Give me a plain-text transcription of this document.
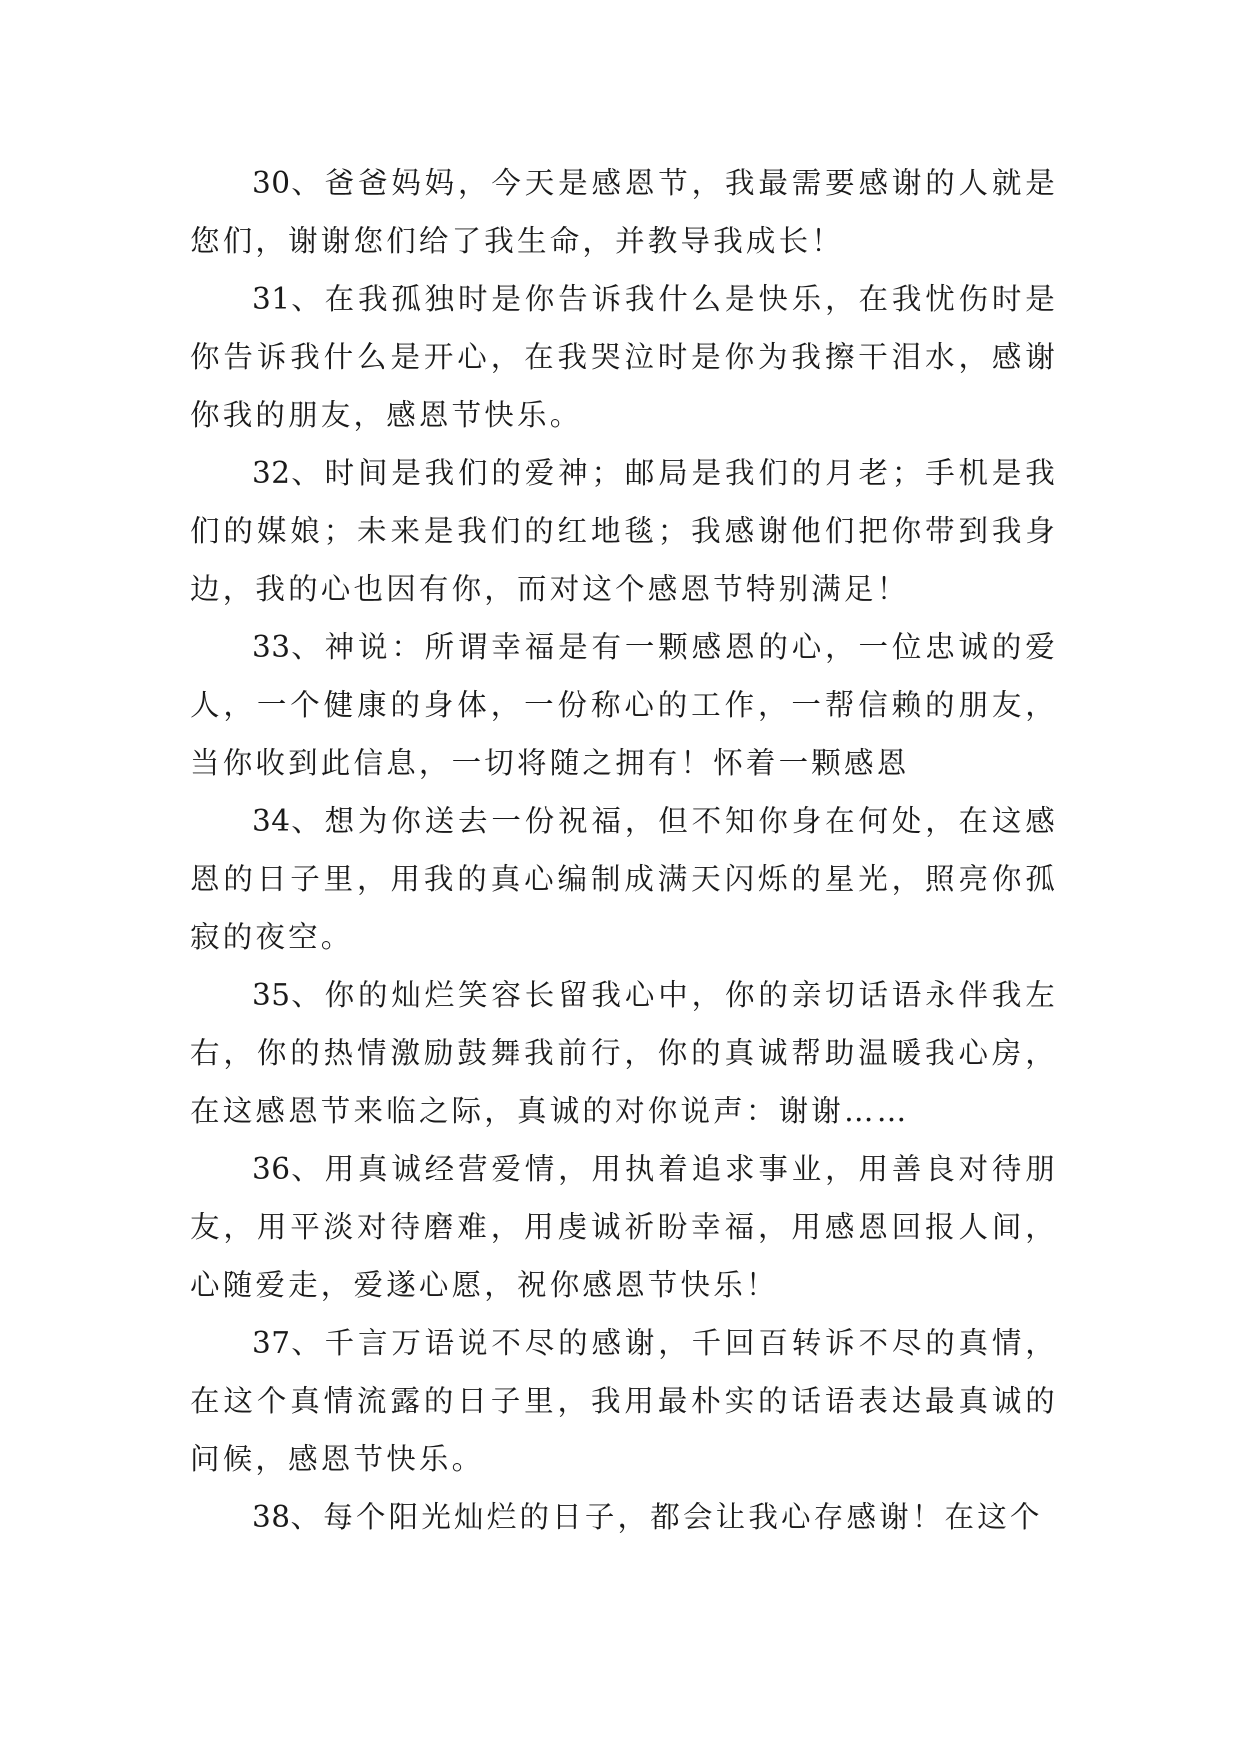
30、爸爸妈妈，今天是感恩节，我最需要感谢的人就是您们，谢谢您们给了我生命，并教导我成长！

31、在我孤独时是你告诉我什么是快乐，在我忧伤时是你告诉我什么是开心，在我哭泣时是你为我擦干泪水，感谢你我的朋友，感恩节快乐。

32、时间是我们的爱神；邮局是我们的月老；手机是我们的媒娘；未来是我们的红地毯；我感谢他们把你带到我身边，我的心也因有你，而对这个感恩节特别满足！

33、神说：所谓幸福是有一颗感恩的心，一位忠诚的爱人，一个健康的身体，一份称心的工作，一帮信赖的朋友，当你收到此信息，一切将随之拥有！怀着一颗感恩

34、想为你送去一份祝福，但不知你身在何处，在这感恩的日子里，用我的真心编制成满天闪烁的星光，照亮你孤寂的夜空。

35、你的灿烂笑容长留我心中，你的亲切话语永伴我左右，你的热情激励鼓舞我前行，你的真诚帮助温暖我心房，在这感恩节来临之际，真诚的对你说声：谢谢……

36、用真诚经营爱情，用执着追求事业，用善良对待朋友，用平淡对待磨难，用虔诚祈盼幸福，用感恩回报人间，心随爱走，爱遂心愿，祝你感恩节快乐！

37、千言万语说不尽的感谢，千回百转诉不尽的真情，在这个真情流露的日子里，我用最朴实的话语表达最真诚的问候，感恩节快乐。

38、每个阳光灿烂的日子，都会让我心存感谢！在这个
